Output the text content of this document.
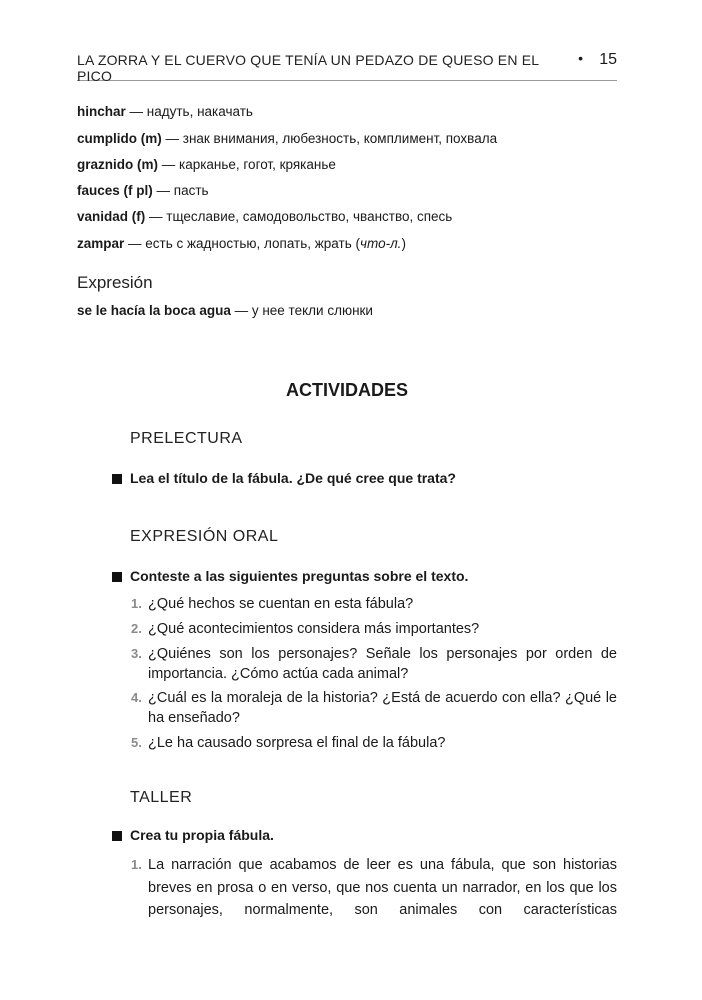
LA ZORRA Y EL CUERVO QUE TENÍA UN PEDAZO DE QUESO EN EL PICO
• 15
hinchar — надуть, накачать
cumplido (m) — знак внимания, любезность, комплимент, похвала
graznido (m) — карканье, гогот, кряканье
fauces (f pl) — пасть
vanidad (f) — тщеславие, самодовольство, чванство, спесь
zampar — есть с жадностью, лопать, жрать (что-л.)
Expresión
se le hacía la boca agua — у нее текли слюнки
ACTIVIDADES
PRELECTURA
Lea el título de la fábula. ¿De qué cree que trata?
EXPRESIÓN ORAL
Conteste a las siguientes preguntas sobre el texto.
1. ¿Qué hechos se cuentan en esta fábula?
2. ¿Qué acontecimientos considera más importantes?
3. ¿Quiénes son los personajes? Señale los personajes por orden de importancia. ¿Cómo actúa cada animal?
4. ¿Cuál es la moraleja de la historia? ¿Está de acuerdo con ella? ¿Qué le ha enseñado?
5. ¿Le ha causado sorpresa el final de la fábula?
TALLER
Crea tu propia fábula.
1. La narración que acabamos de leer es una fábula, que son historias breves en prosa o en verso, que nos cuenta un narrador, en los que los personajes, normalmente, son animales con características
